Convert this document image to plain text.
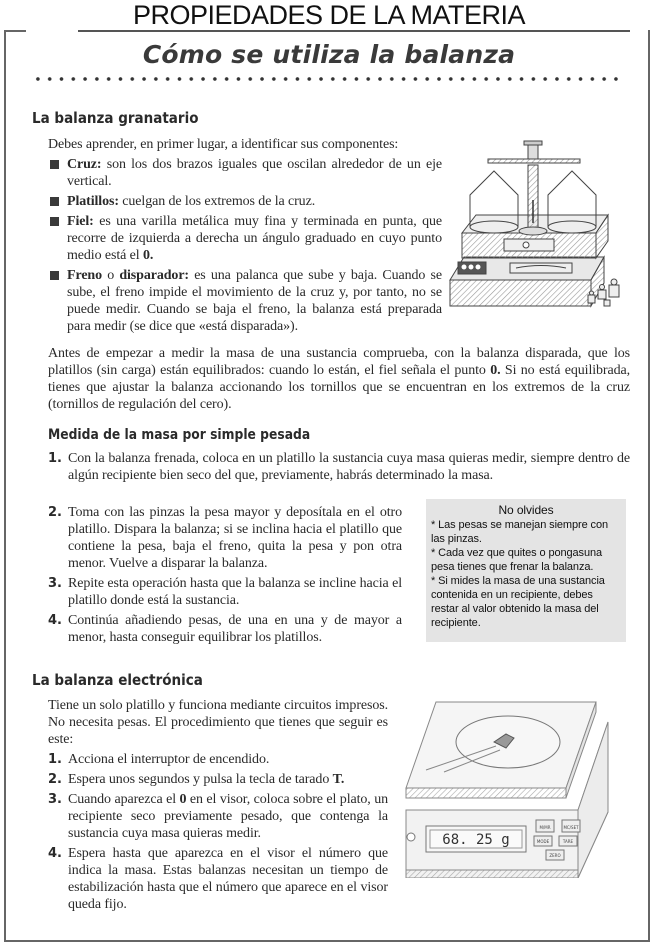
PROPIEDADES DE LA MATERIA
Cómo se utiliza la balanza
La balanza granatario

Debes aprender, en primer lugar, a identificar sus componentes:

Cruz: son los dos brazos iguales que oscilan alrededor de un eje vertical.
Platillos: cuelgan de los extremos de la cruz.
Fiel: es una varilla metálica muy fina y terminada en punta, que recorre de izquierda a derecha un ángulo graduado en cuyo punto medio está el 0.
Freno o disparador: es una palanca que sube y baja. Cuando se sube, el freno impide el movimiento de la cruz y, por tanto, no se puede medir. Cuando se baja el freno, la balanza está preparada para medir (se dice que «está disparada»).

Antes de empezar a medir la masa de una sustancia comprueba, con la balanza disparada, que los platillos (sin carga) están equilibrados: cuando lo están, el fiel señala el punto 0. Si no está equilibrada, tienes que ajustar la balanza accionando los tornillos que se encuentran en los extremos de la cruz (tornillos de regulación del cero).

Medida de la masa por simple pesada
1. Con la balanza frenada, coloca en un platillo la sustancia cuya masa quieras medir, siempre dentro de algún recipiente bien seco del que, previamente, habrás determinado la masa.
2. Toma con las pinzas la pesa mayor y deposítala en el otro platillo. Dispara la balanza; si se inclina hacia el platillo que contiene la pesa, baja el freno, quita la pesa y pon otra menor. Vuelve a disparar la balanza.
3. Repite esta operación hasta que la balanza se incline hacia el platillo donde está la sustancia.
4. Continúa añadiendo pesas, de una en una y de mayor a menor, hasta conseguir equilibrar los platillos.
No olvides

* Las pesas se manejan siempre con las pinzas.

* Cada vez que quites o pongasuna pesa tienes que frenar la balanza.

* Si mides la masa de una sustancia contenida en un recipiente, debes restar al valor obtenido la masa del recipiente.

La balanza electrónica

Tiene un solo platillo y funciona mediante circuitos impresos. No necesita pesas. El procedimiento que tienes que seguir es este:

1. Acciona el interruptor de encendido.
2. Espera unos segundos y pulsa la tecla de tarado T.
3. Cuando aparezca el 0 en el visor, coloca sobre el plato, un recipiente seco previamente pesado, que contenga la sustancia cuya masa quieras medir.
4. Espera hasta que aparezca en el visor el número que indica la masa. Estas balanzas necesitan un tiempo de estabilización hasta que el número que aparece en el visor queda fijo.
68. 25 g
M/MR	MC/SET
MODE	TARE
ZERO
